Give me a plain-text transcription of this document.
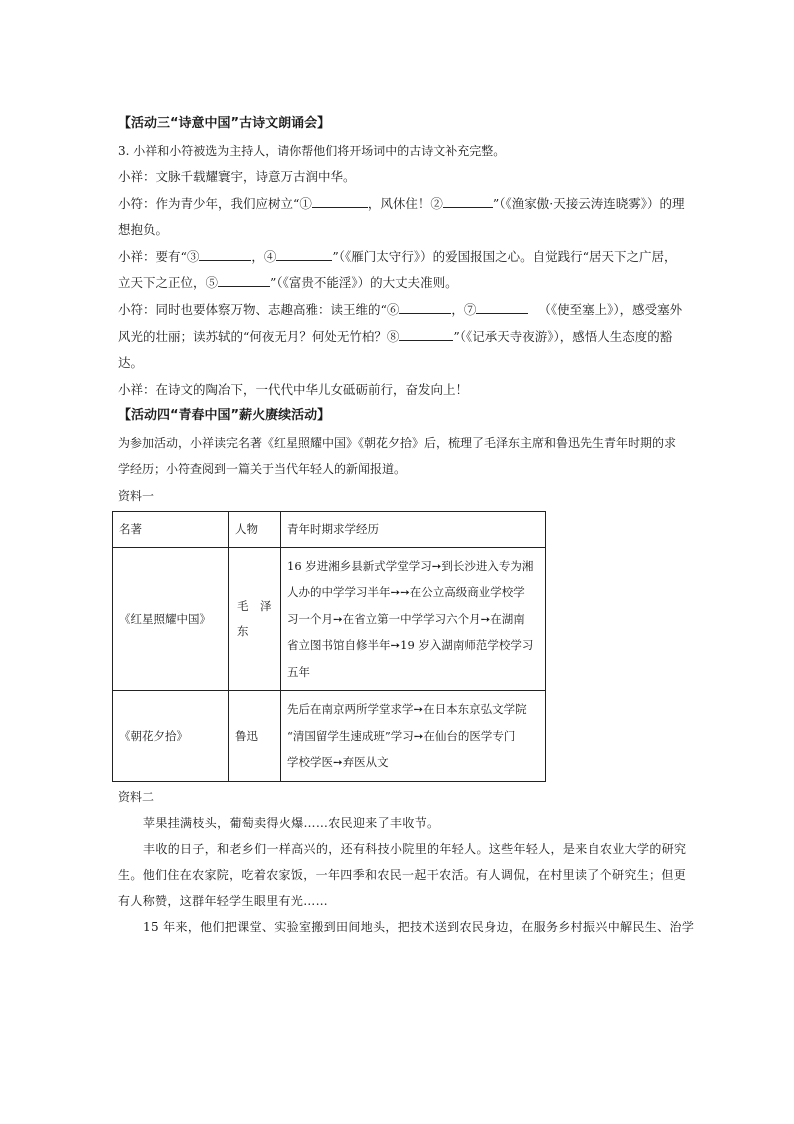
【活动三“诗意中国”古诗文朗诵会】
3. 小祥和小符被选为主持人，请你帮他们将开场词中的古诗文补充完整。
小祥：文脉千载耀寰宇，诗意万古润中华。
小符：作为青少年，我们应树立“①	，风休住！②	”（《渔家傲·天接云涛连晓雾》）的理
想抱负。
小祥：要有“③	，④	”（《雁门太守行》）的爱国报国之心。自觉践行“居天下之广居，
立天下之正位，⑤	”（《富贵不能淫》）的大丈夫准则。
小符：同时也要体察万物、志趣高雅：读王维的“⑥	，⑦	（《使至塞上》），感受塞外
风光的壮丽；读苏轼的“何夜无月？何处无竹柏？⑧	”（《记承天寺夜游》），感悟人生态度的豁
达。
小祥：在诗文的陶冶下，一代代中华儿女砥砺前行，奋发向上！
【活动四“青春中国”薪火赓续活动】
为参加活动，小祥读完名著《红星照耀中国》《朝花夕拾》后，梳理了毛泽东主席和鲁迅先生青年时期的求
学经历；小符查阅到一篇关于当代年轻人的新闻报道。
资料一
名著	人物	青年时期求学经历
《红星照耀中国》	毛　泽东	16 岁进湘乡县新式学堂学习➙到长沙进入专为湘
人办的中学学习半年➙➙在公立高级商业学校学
习一个月➙在省立第一中学学习六个月➙在湖南
省立图书馆自修半年➙19 岁入湖南师范学校学习
五年

《朝花夕拾》	鲁迅	先后在南京两所学堂求学➙在日本东京弘文学院
“清国留学生速成班”学习➙在仙台的医学专门
学校学医➙弃医从文
资料二
苹果挂满枝头，葡萄卖得火爆……农民迎来了丰收节。
丰收的日子，和老乡们一样高兴的，还有科技小院里的年轻人。这些年轻人，是来自农业大学的研究
生。他们住在农家院，吃着农家饭，一年四季和农民一起干农活。有人调侃，在村里读了个研究生；但更
有人称赞，这群年轻学生眼里有光……
15 年来，他们把课堂、实验室搬到田间地头，把技术送到农民身边，在服务乡村振兴中解民生、治学
